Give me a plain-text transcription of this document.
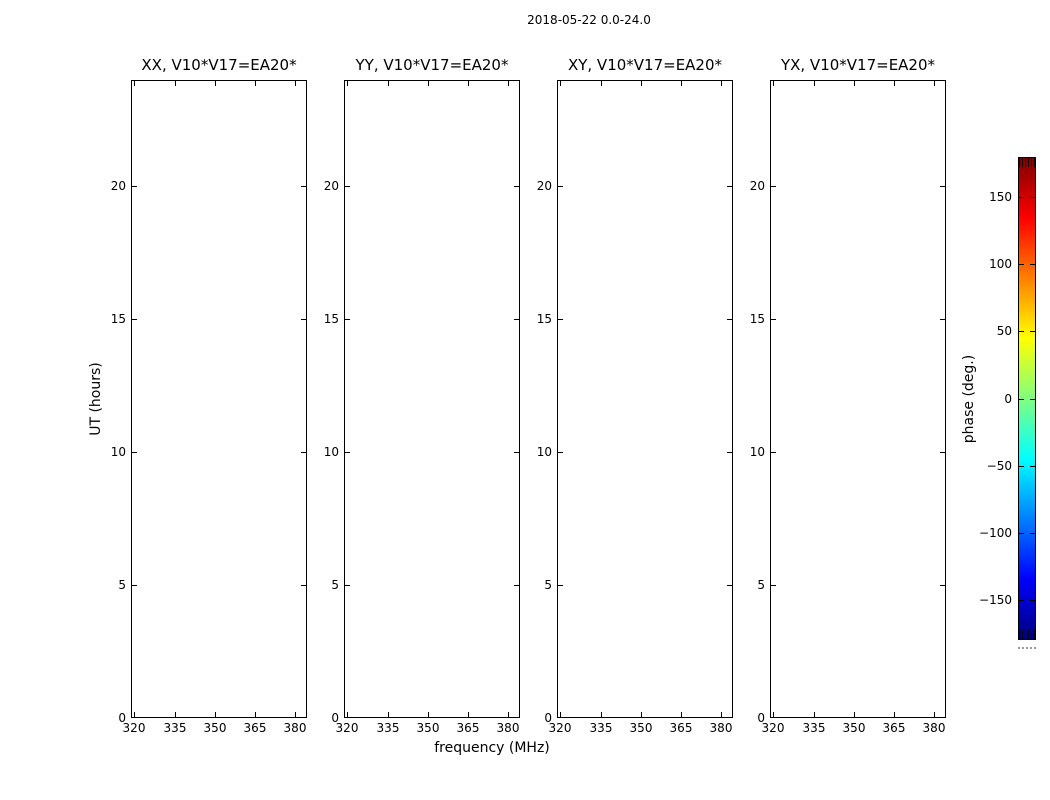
2018-05-22 0.0-24.0
XX, V10*V17=EA20*
320	335	350	365	380
0
5
10
15
20
YY, V10*V17=EA20*
320	335	350	365	380
0
5
10
15
20
XY, V10*V17=EA20*
320	335	350	365	380
0
5
10
15
20
YX, V10*V17=EA20*
320	335	350	365	380
0
5
10
15
20
frequency (MHz)
UT (hours)
150
100
50
0
−50
−100
−150
phase (deg.)
